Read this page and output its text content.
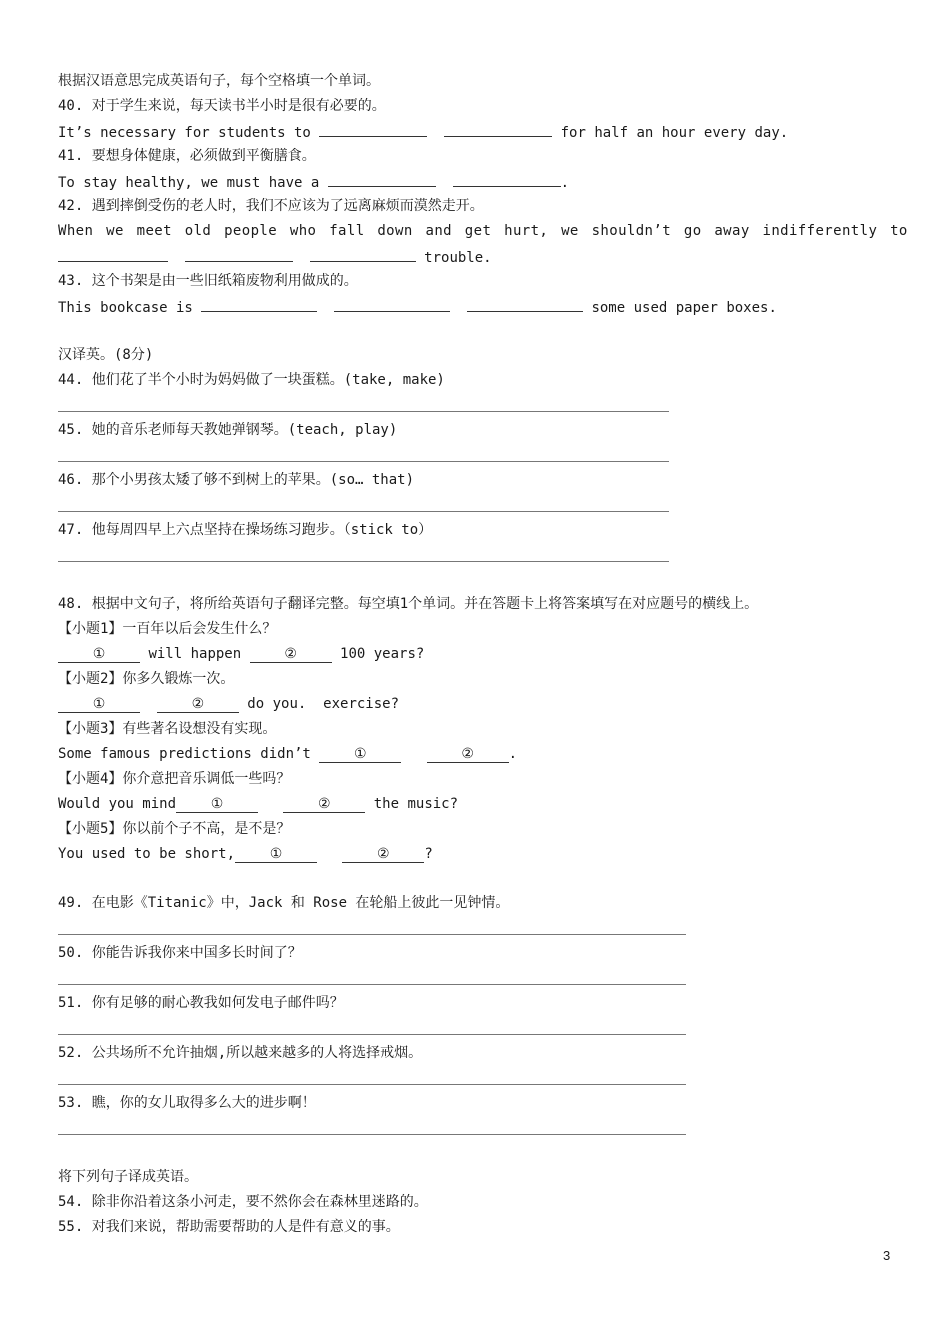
根据汉语意思完成英语句子，每个空格填一个单词。
40. 对于学生来说，每天读书半小时是很有必要的。
It’s necessary for students to	for half an hour every day.
41. 要想身体健康，必须做到平衡膳食。
To stay healthy, we must have a	.
42. 遇到摔倒受伤的老人时，我们不应该为了远离麻烦而漠然走开。
When we meet old people who fall down and get hurt, we shouldn’t go away indifferently to
trouble.
43. 这个书架是由一些旧纸箱废物利用做成的。
This bookcase is	some used paper boxes.
汉译英。(8分)
44. 他们花了半个小时为妈妈做了一块蛋糕。(take, make)
45. 她的音乐老师每天教她弹钢琴。(teach, play)
46. 那个小男孩太矮了够不到树上的苹果。(so… that)
47. 他每周四早上六点坚持在操场练习跑步。（stick to）
48. 根据中文句子，将所给英语句子翻译完整。每空填1个单词。并在答题卡上将答案填写在对应题号的横线上。
【小题1】一百年以后会发生什么？
①	will happen	②	100 years?
【小题2】你多久锻炼一次。
①	②	do you.  exercise?
【小题3】有些著名设想没有实现。
Some famous predictions didn’t	①	② .
【小题4】你介意把音乐调低一些吗？
Would you mind ①	②	the music?
【小题5】你以前个子不高，是不是？
You used to be short, ①	② ?
49. 在电影《Titanic》中，Jack 和 Rose 在轮船上彼此一见钟情。
50. 你能告诉我你来中国多长时间了？
51. 你有足够的耐心教我如何发电子邮件吗？
52. 公共场所不允许抽烟,所以越来越多的人将选择戒烟。
53. 瞧，你的女儿取得多么大的进步啊！
将下列句子译成英语。
54. 除非你沿着这条小河走，要不然你会在森林里迷路的。
55. 对我们来说，帮助需要帮助的人是件有意义的事。
3
